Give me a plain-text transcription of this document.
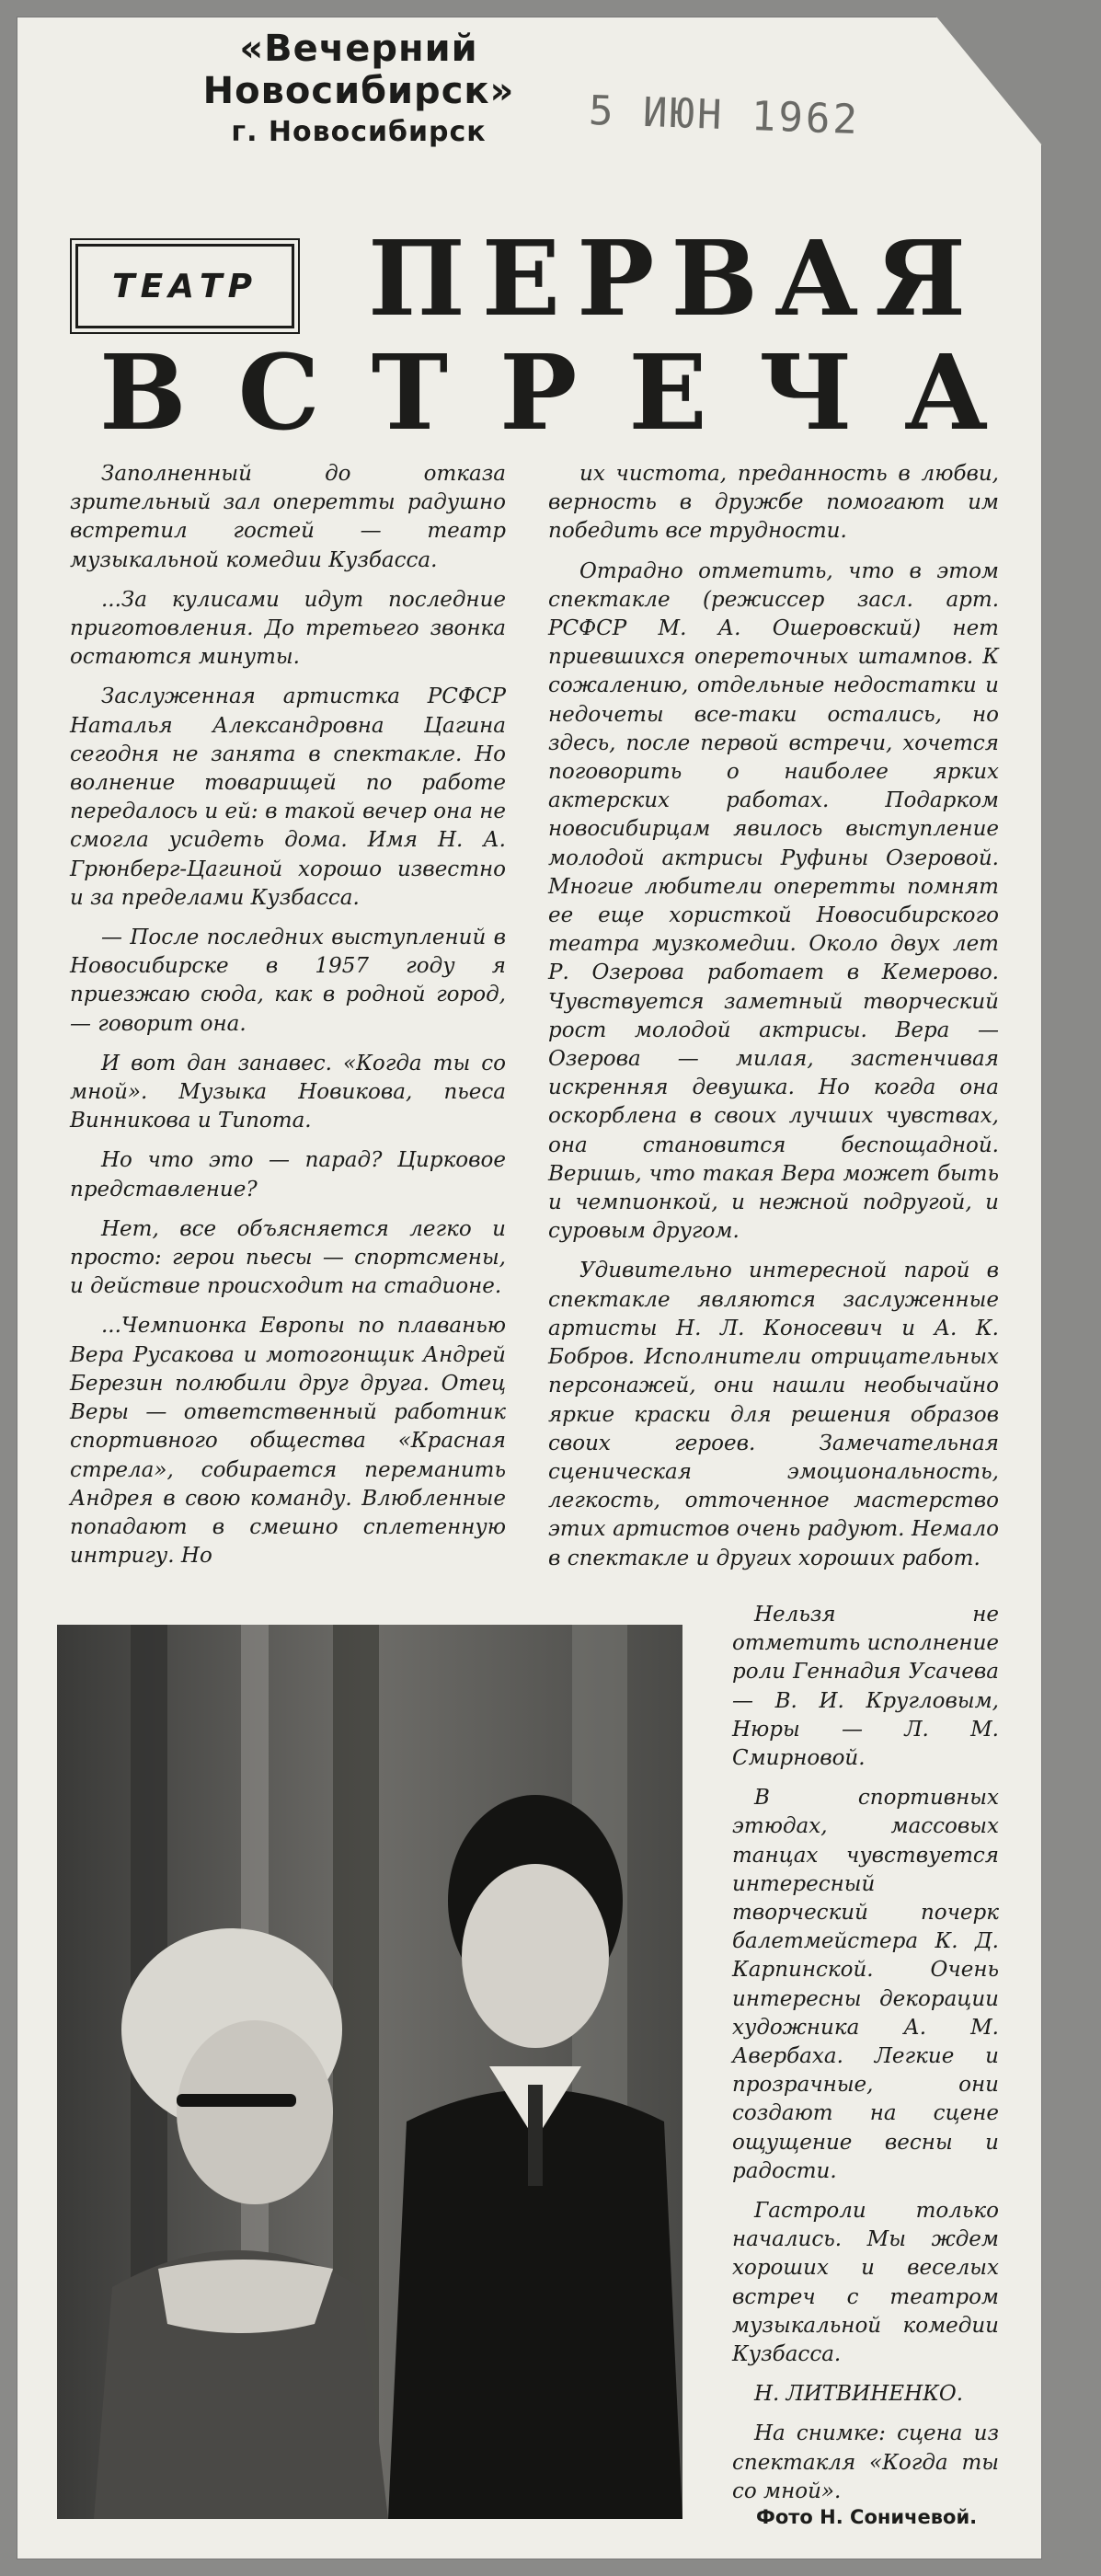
«Вечерний Новосибирск»
г. Новосибирск	5 ИЮН 1962
ТЕАТР	ПЕРВАЯ
ВСТРЕЧА

Заполненный до отказа зрительный зал оперетты радушно встретил гостей — театр музыкальной комедии Кузбасса.

...За кулисами идут последние приготовления. До третьего звонка остаются минуты.

Заслуженная артистка РСФСР Наталья Александровна Цагина сегодня не занята в спектакле. Но волнение товарищей по работе передалось и ей: в такой вечер она не смогла усидеть дома. Имя Н. А. Грюнберг-Цагиной хорошо известно и за пределами Кузбасса.

— После последних выступлений в Новосибирске в 1957 году я приезжаю сюда, как в родной город, — говорит она.

И вот дан занавес. «Когда ты со мной». Музыка Новикова, пьеса Винникова и Типота.

Но что это — парад? Цирковое представление?

Нет, все объясняется легко и просто: герои пьесы — спортсмены, и действие происходит на стадионе.

...Чемпионка Европы по плаванью Вера Русакова и мотогонщик Андрей Березин полюбили друг друга. Отец Веры — ответственный работник спортивного общества «Красная стрела», собирается переманить Андрея в свою команду. Влюбленные попадают в смешно сплетенную интригу. Но

их чистота, преданность в любви, верность в дружбе помогают им победить все трудности.

Отрадно отметить, что в этом спектакле (режиссер засл. арт. РСФСР М. А. Ошеровский) нет приевшихся опереточных штампов. К сожалению, отдельные недостатки и недочеты все-таки остались, но здесь, после первой встречи, хочется поговорить о наиболее ярких актерских работах. Подарком новосибирцам явилось выступление молодой актрисы Руфины Озеровой. Многие любители оперетты помнят ее еще хористкой Новосибирского театра музкомедии. Около двух лет Р. Озерова работает в Кемерово. Чувствуется заметный творческий рост молодой актрисы. Вера — Озерова — милая, застенчивая искренняя девушка. Но когда она оскорблена в своих лучших чувствах, она становится беспощадной. Веришь, что такая Вера может быть и чемпионкой, и нежной подругой, и суровым другом.

Удивительно интересной парой в спектакле являются заслуженные артисты Н. Л. Коносевич и А. К. Бобров. Исполнители отрицательных персонажей, они нашли необычайно яркие краски для решения образов своих героев. Замечательная сценическая эмоциональность, легкость, отточенное мастерство этих артистов очень радуют. Немало в спектакле и других хороших работ.

Нельзя не отметить исполнение роли Геннадия Усачева — В. И. Кругловым, Нюры — Л. М. Смирновой.

В спортивных этюдах, массовых танцах чувствуется интересный творческий почерк балетмейстера К. Д. Карпинской. Очень интересны декорации художника А. М. Авербаха. Легкие и прозрачные, они создают на сцене ощущение весны и радости.

Гастроли только начались. Мы ждем хороших и веселых встреч с театром музыкальной комедии Кузбасса.

Н. ЛИТВИНЕНКО.

На снимке: сцена из спектакля «Когда ты со мной».

Фото Н. Соничевой.
